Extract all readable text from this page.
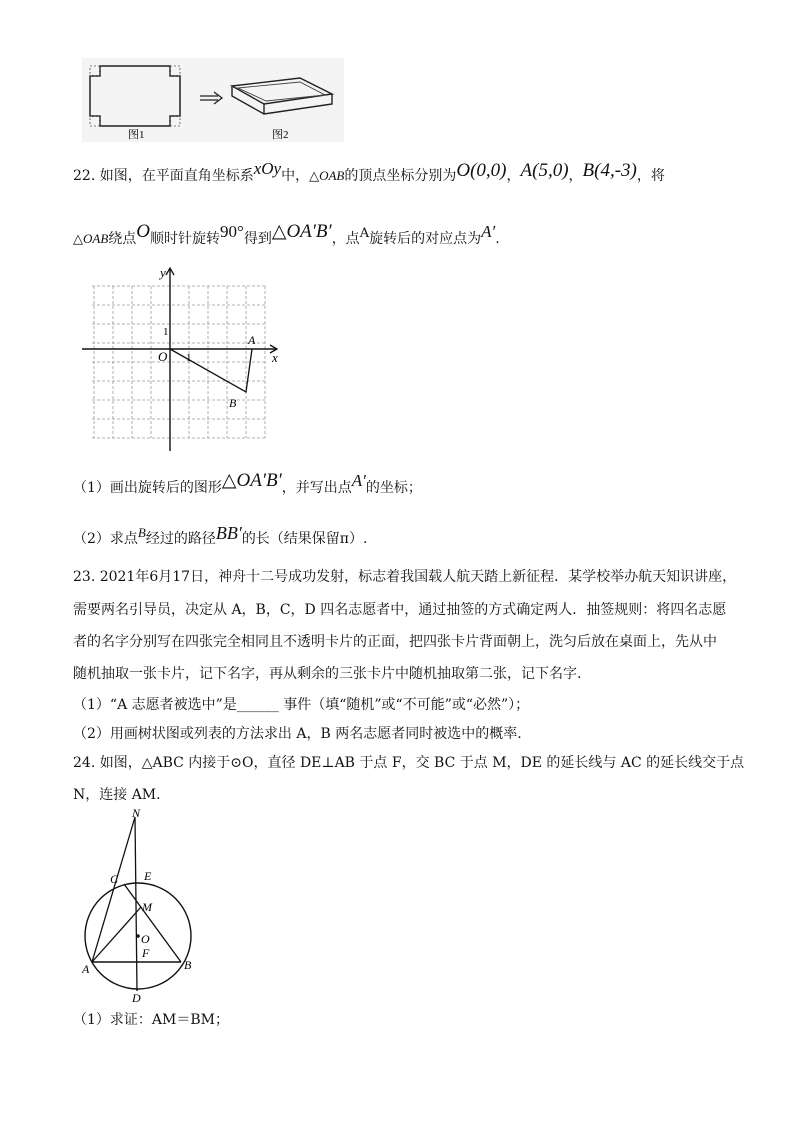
图1	图2
22. 如图，在平面直角坐标系xOy中，△OAB的顶点坐标分别为O(0,0)，A(5,0)，B(4,-3)，将
△OAB绕点O顺时针旋转90°得到△OA′B′，点A旋转后的对应点为A′.
y
x
1
1
O
A
B
（1）画出旋转后的图形△OA′B′，并写出点A′的坐标；
（2）求点B经过的路径BB′的长（结果保留π）.
23. 2021年6月17日，神舟十二号成功发射，标志着我国载人航天踏上新征程．某学校举办航天知识讲座，
需要两名引导员，决定从 A，B，C，D 四名志愿者中，通过抽签的方式确定两人．抽签规则：将四名志愿
者的名字分别写在四张完全相同且不透明卡片的正面，把四张卡片背面朝上，洗匀后放在桌面上，先从中
随机抽取一张卡片，记下名字，再从剩余的三张卡片中随机抽取第二张，记下名字.
（1）“A 志愿者被选中”是______ 事件（填“随机”或“不可能”或“必然”）；
（2）用画树状图或列表的方法求出 A，B 两名志愿者同时被选中的概率.
24. 如图，△ABC 内接于⊙O，直径 DE⊥AB 于点 F，交 BC 于点 M，DE 的延长线与 AC 的延长线交于点
N，连接 AM.
N
C E
M
O
F
A	B
D
（1）求证：AM＝BM；
